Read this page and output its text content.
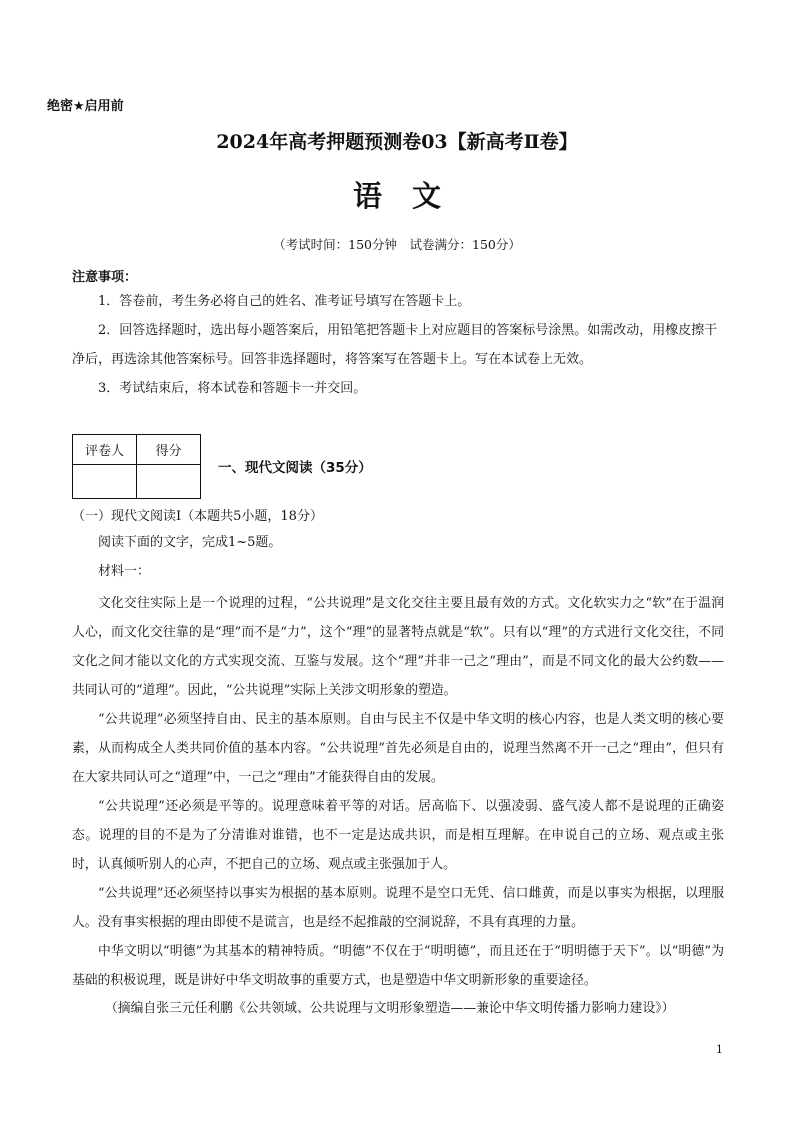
绝密★启用前
2024年高考押题预测卷03【新高考Ⅱ卷】
语文
（考试时间：150分钟　试卷满分：150分）
注意事项：
1．答卷前，考生务必将自己的姓名、准考证号填写在答题卡上。
2．回答选择题时，选出每小题答案后，用铅笔把答题卡上对应题目的答案标号涂黑。如需改动，用橡皮擦干净后，再选涂其他答案标号。回答非选择题时，将答案写在答题卡上。写在本试卷上无效。
3．考试结束后，将本试卷和答题卡一并交回。
评卷人	得分

一、现代文阅读（35分）
（一）现代文阅读Ⅰ（本题共5小题，18分）
阅读下面的文字，完成1~5题。
材料一：
文化交往实际上是一个说理的过程，“公共说理”是文化交往主要且最有效的方式。文化软实力之“软”在于温润人心，而文化交往靠的是“理”而不是“力”，这个“理”的显著特点就是“软”。只有以“理”的方式进行文化交往，不同文化之间才能以文化的方式实现交流、互鉴与发展。这个“理”并非一己之“理由”，而是不同文化的最大公约数——共同认可的“道理”。因此，“公共说理”实际上关涉文明形象的塑造。
“公共说理”必须坚持自由、民主的基本原则。自由与民主不仅是中华文明的核心内容，也是人类文明的核心要素，从而构成全人类共同价值的基本内容。“公共说理”首先必须是自由的，说理当然离不开一己之“理由”，但只有在大家共同认可之“道理”中，一己之“理由”才能获得自由的发展。
“公共说理”还必须是平等的。说理意味着平等的对话。居高临下、以强凌弱、盛气凌人都不是说理的正确姿态。说理的目的不是为了分清谁对谁错，也不一定是达成共识，而是相互理解。在申说自己的立场、观点或主张时，认真倾听别人的心声，不把自己的立场、观点或主张强加于人。
“公共说理”还必须坚持以事实为根据的基本原则。说理不是空口无凭、信口雌黄，而是以事实为根据，以理服人。没有事实根据的理由即使不是谎言，也是经不起推敲的空洞说辞，不具有真理的力量。
中华文明以“明德”为其基本的精神特质。“明德”不仅在于“明明德”，而且还在于“明明德于天下”。以“明德”为基础的积极说理，既是讲好中华文明故事的重要方式，也是塑造中华文明新形象的重要途径。
（摘编自张三元任利鹏《公共领域、公共说理与文明形象塑造——兼论中华文明传播力影响力建设》）
1
